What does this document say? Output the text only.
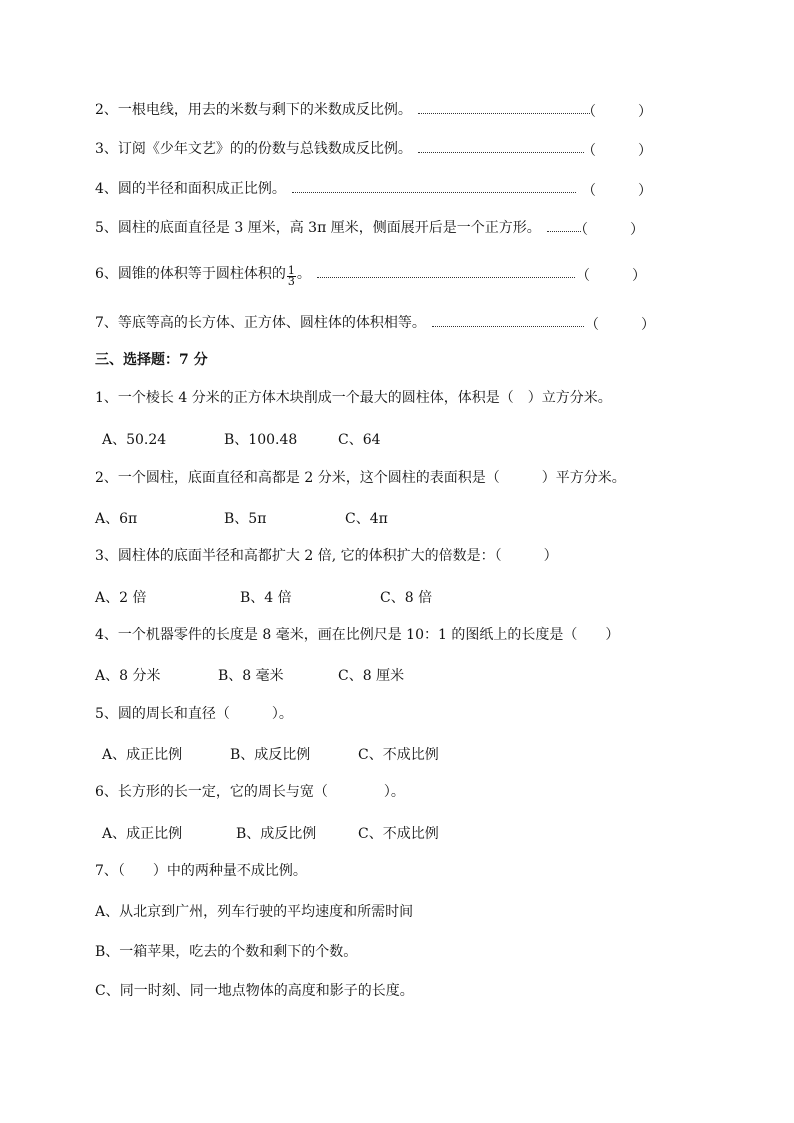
2、一根电线，用去的米数与剩下的米数成反比例。	（　　　）
3、订阅《少年文艺》的的份数与总钱数成反比例。	（　　　）
4、圆的半径和面积成正比例。	（　　　）
5、圆柱的底面直径是 3 厘米，高 3π 厘米，侧面展开后是一个正方形。	（　　　）
6、圆锥的体积等于圆柱体积的 $\frac{1}{3}$ 。	（　　　）
7、等底等高的长方体、正方体、圆柱体的体积相等。	（　　　）
三、选择题：7 分
1、一个棱长 4 分米的正方体木块削成一个最大的圆柱体，体积是（　）立方分米。
A、50.24	B、100.48	C、64
2、一个圆柱，底面直径和高都是 2 分米，这个圆柱的表面积是（　　　）平方分米。
A、6π	B、5π	C、4π
3、圆柱体的底面半径和高都扩大 2 倍, 它的体积扩大的倍数是：（　　　）
A、2 倍	B、4 倍	C、8 倍
4、一个机器零件的长度是 8 毫米，画在比例尺是 10：1 的图纸上的长度是（　　）
A、8 分米	B、8 毫米	C、8 厘米
5、圆的周长和直径（　　　）。
A、成正比例	B、成反比例	C、不成比例
6、长方形的长一定，它的周长与宽（　　　　）。
A、成正比例	B、成反比例	C、不成比例
7、（　　）中的两种量不成比例。
A、从北京到广州，列车行驶的平均速度和所需时间
B、一箱苹果，吃去的个数和剩下的个数。
C、同一时刻、同一地点物体的高度和影子的长度。
